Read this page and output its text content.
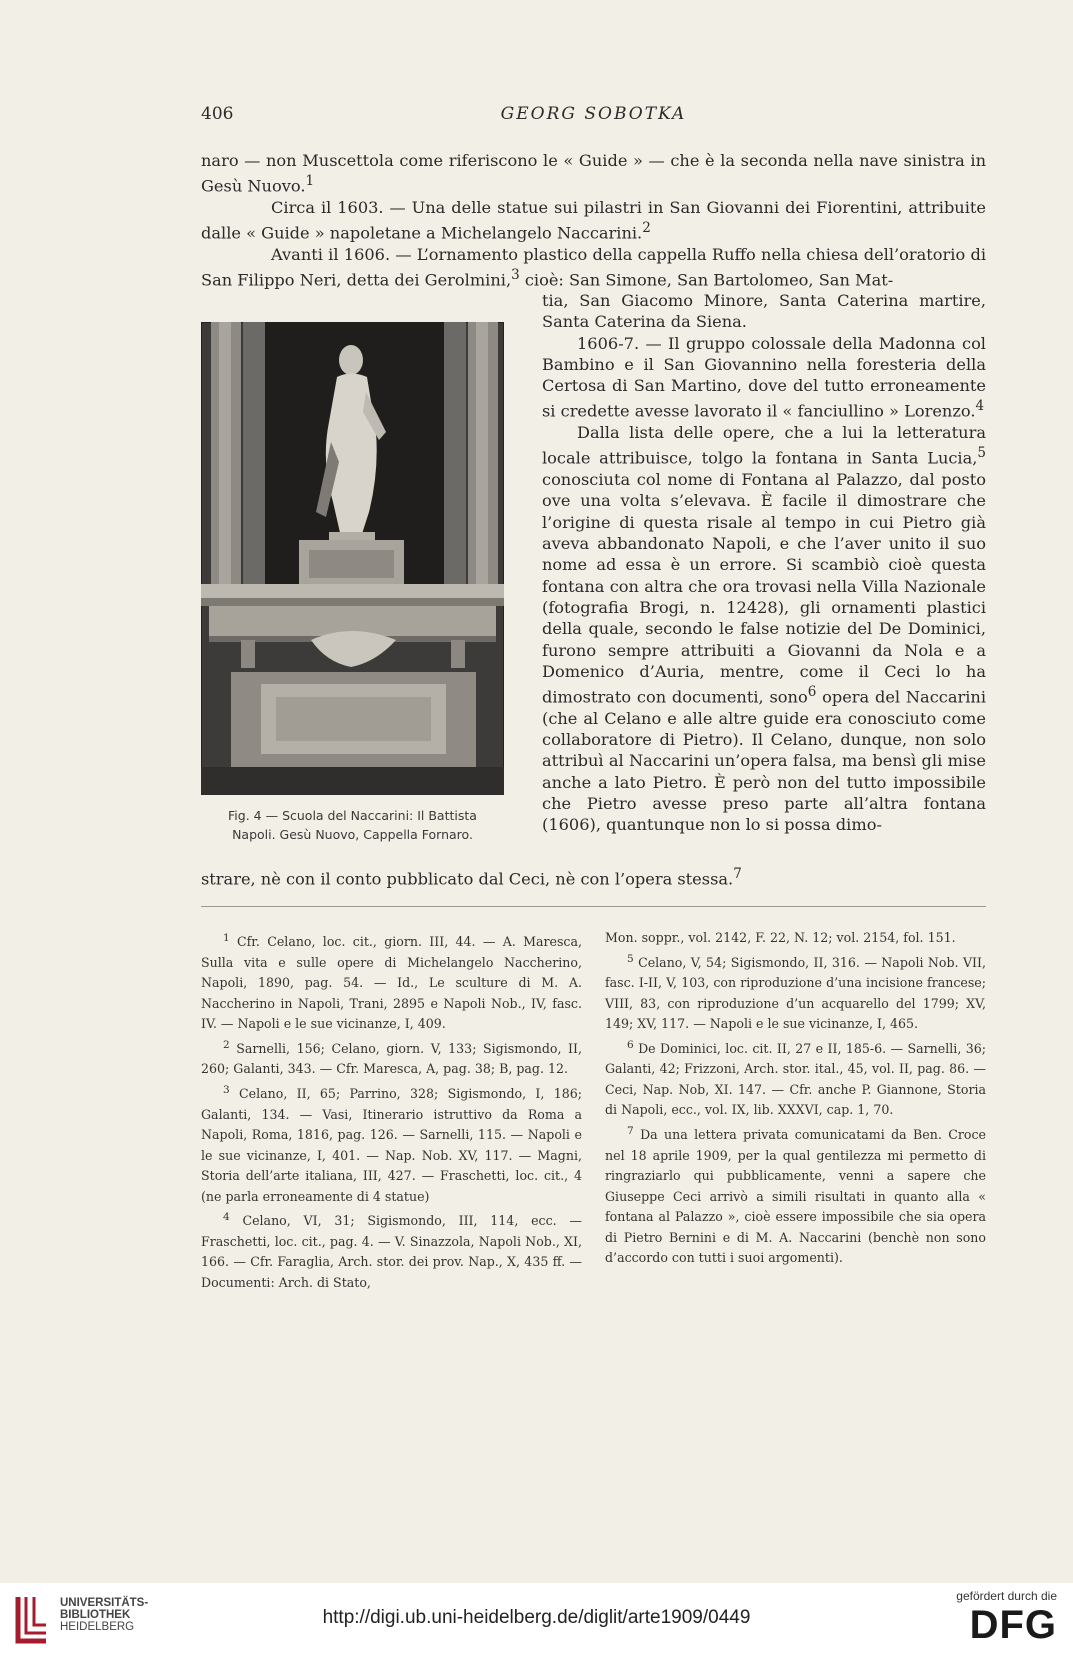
406	GEORG SOBOTKA

naro — non Muscettola come riferiscono le « Guide » — che è la seconda nella nave sinistra in Gesù Nuovo.$^1$

Circa il 1603. — Una delle statue sui pilastri in San Giovanni dei Fiorentini, attribuite dalle « Guide » napoletane a Michelangelo Naccarini.$^2$

Avanti il 1606. — L’ornamento plastico della cappella Ruffo nella chiesa dell’oratorio di San Filippo Neri, detta dei Gerolmini,$^3$ cioè: San Simone, San Bartolomeo, San Mat-

tia, San Giacomo Minore, Santa Caterina martire, Santa Caterina da Siena.

1606-7. — Il gruppo colossale della Madonna col Bambino e il San Giovannino nella foresteria della Certosa di San Martino, dove del tutto erroneamente si credette avesse lavorato il « fanciullino » Lorenzo.$^4$

Dalla lista delle opere, che a lui la letteratura locale attribuisce, tolgo la fontana in Santa Lucia,$^5$ conosciuta col nome di Fontana al Palazzo, dal posto ove una volta s’elevava. È facile il dimostrare che l’origine di questa risale al tempo in cui Pietro già aveva abbandonato Napoli, e che l’aver unito il suo nome ad essa è un errore. Si scambiò cioè questa fontana con altra che ora trovasi nella Villa Nazionale (fotografia Brogi, n. 12428), gli ornamenti plastici della quale, secondo le false notizie del De Dominici, furono sempre attribuiti a Giovanni da Nola e a Domenico d’Auria, mentre, come il Ceci lo ha dimostrato con documenti, sono$^6$ opera del Naccarini (che al Celano e alle altre guide era conosciuto come collaboratore di Pietro). Il Celano, dunque, non solo attribuì al Naccarini un’opera falsa, ma bensì gli mise anche a lato Pietro. È però non del tutto impossibile che Pietro avesse preso parte all’altra fontana (1606), quantunque non lo si possa dimo-

Fig. 4 — Scuola del Naccarini: Il Battista
Napoli. Gesù Nuovo, Cappella Fornaro.

strare, nè con il conto pubblicato dal Ceci, nè con l’opera stessa.$^7$

$^1$ Cfr. Celano, loc. cit., giorn. III, 44. — A. Maresca, Sulla vita e sulle opere di Michelangelo Naccherino, Napoli, 1890, pag. 54. — Id., Le sculture di M. A. Naccherino in Napoli, Trani, 2895 e Napoli Nob., IV, fasc. IV. — Napoli e le sue vicinanze, I, 409.

$^2$ Sarnelli, 156; Celano, giorn. V, 133; Sigismondo, II, 260; Galanti, 343. — Cfr. Maresca, A, pag. 38; B, pag. 12.

$^3$ Celano, II, 65; Parrino, 328; Sigismondo, I, 186; Galanti, 134. — Vasi, Itinerario istruttivo da Roma a Napoli, Roma, 1816, pag. 126. — Sarnelli, 115. — Napoli e le sue vicinanze, I, 401. — Nap. Nob. XV, 117. — Magni, Storia dell’arte italiana, III, 427. — Fraschetti, loc. cit., 4 (ne parla erroneamente di 4 statue)

$^4$ Celano, VI, 31; Sigismondo, III, 114, ecc. — Fraschetti, loc. cit., pag. 4. — V. Sinazzola, Napoli Nob., XI, 166. — Cfr. Faraglia, Arch. stor. dei prov. Nap., X, 435 ff. — Documenti: Arch. di Stato,

Mon. soppr., vol. 2142, F. 22, N. 12; vol. 2154, fol. 151.

$^5$ Celano, V, 54; Sigismondo, II, 316. — Napoli Nob. VII, fasc. I-II, V, 103, con riproduzione d’una incisione francese; VIII, 83, con riproduzione d’un acquarello del 1799; XV, 149; XV, 117. — Napoli e le sue vicinanze, I, 465.

$^6$ De Dominici, loc. cit. II, 27 e II, 185-6. — Sarnelli, 36; Galanti, 42; Frizzoni, Arch. stor. ital., 45, vol. II, pag. 86. — Ceci, Nap. Nob, XI. 147. — Cfr. anche P. Giannone, Storia di Napoli, ecc., vol. IX, lib. XXXVI, cap. 1, 70.

$^7$ Da una lettera privata comunicatami da Ben. Croce nel 18 aprile 1909, per la qual gentilezza mi permetto di ringraziarlo qui pubblicamente, venni a sapere che Giuseppe Ceci arrivò a simili risultati in quanto alla « fontana al Palazzo », cioè essere impossibile che sia opera di Pietro Bernini e di M. A. Naccarini (benchè non sono d’accordo con tutti i suoi argomenti).

UNIVERSITÄTS-
BIBLIOTHEK
HEIDELBERG	http://digi.ub.uni-heidelberg.de/diglit/arte1909/0449
gefördert durch die
DFG
